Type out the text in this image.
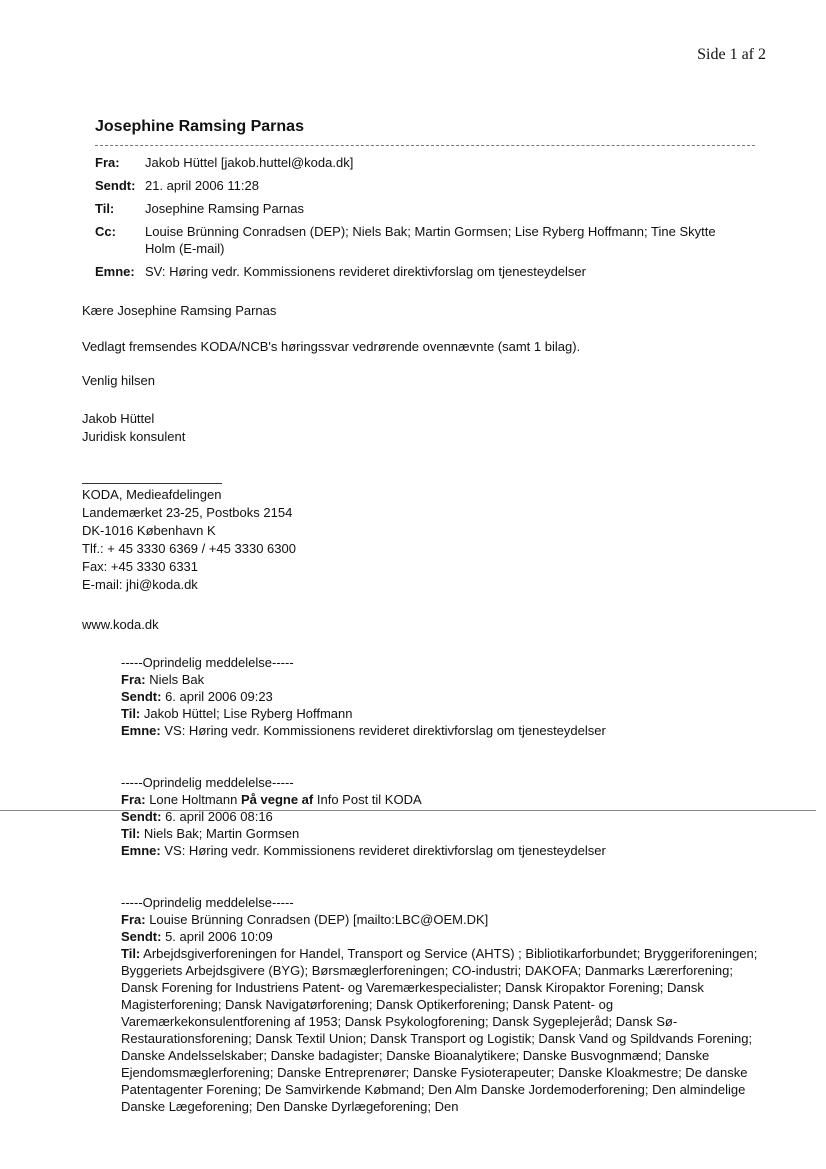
Side 1 af 2
Josephine Ramsing Parnas
Fra:	Jakob Hüttel [jakob.huttel@koda.dk]
Sendt: 21. april 2006 11:28
Til:	Josephine Ramsing Parnas
Cc:	Louise Brünning Conradsen (DEP); Niels Bak; Martin Gormsen; Lise Ryberg Hoffmann; Tine Skytte Holm (E-mail)
Emne: SV: Høring vedr. Kommissionens revideret direktivforslag om tjenesteydelser
Kære Josephine Ramsing Parnas
Vedlagt fremsendes KODA/NCB's høringssvar vedrørende ovennævnte (samt 1 bilag).
Venlig hilsen
Jakob Hüttel
Juridisk konsulent
KODA, Medieafdelingen
Landemærket 23-25, Postboks 2154
DK-1016 København K
Tlf.: + 45 3330 6369 / +45 3330 6300
Fax: +45 3330 6331
E-mail: jhi@koda.dk
www.koda.dk
-----Oprindelig meddelelse-----
Fra: Niels Bak
Sendt: 6. april 2006 09:23
Til: Jakob Hüttel; Lise Ryberg Hoffmann
Emne: VS: Høring vedr. Kommissionens revideret direktivforslag om tjenesteydelser
-----Oprindelig meddelelse-----
Fra: Lone Holtmann På vegne af Info Post til KODA
Sendt: 6. april 2006 08:16
Til: Niels Bak; Martin Gormsen
Emne: VS: Høring vedr. Kommissionens revideret direktivforslag om tjenesteydelser
-----Oprindelig meddelelse-----
Fra: Louise Brünning Conradsen (DEP) [mailto:LBC@OEM.DK]
Sendt: 5. april 2006 10:09
Til: Arbejdsgiverforeningen for Handel, Transport og Service (AHTS) ; Bibliotikarforbundet; Bryggeriforeningen; Byggeriets Arbejdsgivere (BYG); Børsmæglerforeningen; CO-industri; DAKOFA; Danmarks Lærerforening; Dansk Forening for Industriens Patent- og Varemærkespecialister; Dansk Kiropaktor Forening; Dansk Magisterforening; Dansk Navigatørforening; Dansk Optikerforening; Dansk Patent- og Varemærkekonsulentforening af 1953; Dansk Psykologforening; Dansk Sygeplejeråd; Dansk Sø-Restaurationsforening; Dansk Textil Union; Dansk Transport og Logistik; Dansk Vand og Spildvands Forening; Danske Andelsselskaber; Danske badagister; Danske Bioanalytikere; Danske Busvognmænd; Danske Ejendomsmæglerforening; Danske Entreprenører; Danske Fysioterapeuter; Danske Kloakmestre; De danske Patentagenter Forening; De Samvirkende Købmand; Den Alm Danske Jordemoderforening; Den almindelige Danske Lægeforening; Den Danske Dyrlægeforening; Den
